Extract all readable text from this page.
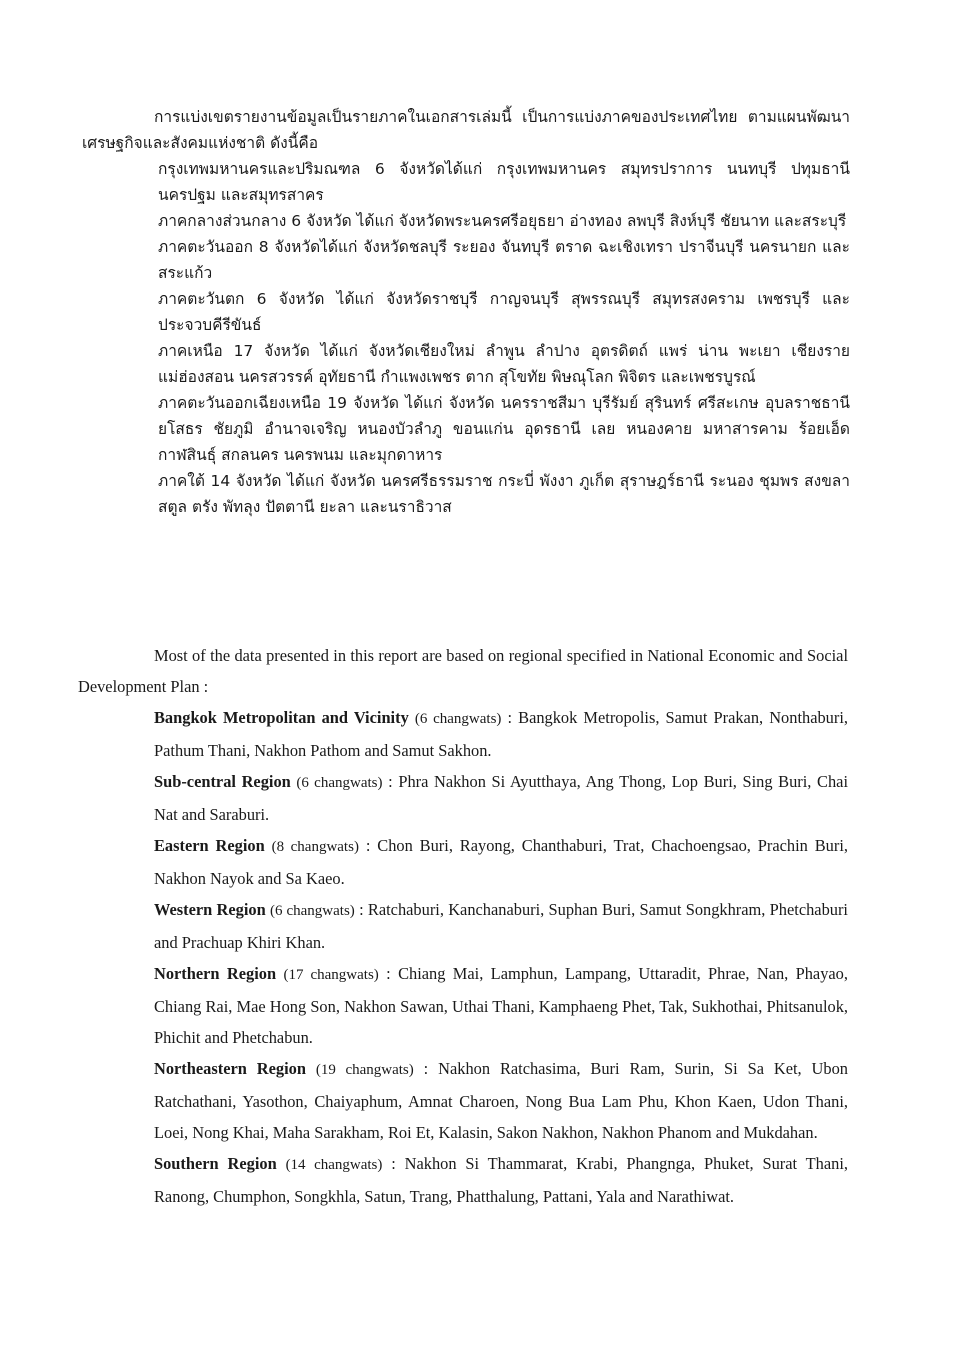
การแบ่งเขตรายงานข้อมูลเป็นรายภาคในเอกสารเล่มนี้ เป็นการแบ่งภาคของประเทศไทย ตามแผนพัฒนาเศรษฐกิจและสังคมแห่งชาติ ดังนี้คือ

กรุงเทพมหานครและปริมณฑล 6 จังหวัดได้แก่ กรุงเทพมหานคร สมุทรปราการ นนทบุรี ปทุมธานี นครปฐม และสมุทรสาคร

ภาคกลางส่วนกลาง 6 จังหวัด ได้แก่ จังหวัดพระนครศรีอยุธยา อ่างทอง ลพบุรี สิงห์บุรี ชัยนาท และสระบุรี

ภาคตะวันออก 8 จังหวัดได้แก่ จังหวัดชลบุรี ระยอง จันทบุรี ตราด ฉะเชิงเทรา ปราจีนบุรี นครนายก และสระแก้ว

ภาคตะวันตก 6 จังหวัด ได้แก่ จังหวัดราชบุรี กาญจนบุรี สุพรรณบุรี สมุทรสงคราม เพชรบุรี และประจวบคีรีขันธ์

ภาคเหนือ 17 จังหวัด ได้แก่ จังหวัดเชียงใหม่ ลำพูน ลำปาง อุตรดิตถ์ แพร่ น่าน พะเยา เชียงราย แม่ฮ่องสอน นครสวรรค์ อุทัยธานี กำแพงเพชร ตาก สุโขทัย พิษณุโลก พิจิตร และเพชรบูรณ์

ภาคตะวันออกเฉียงเหนือ 19 จังหวัด ได้แก่ จังหวัด นครราชสีมา บุรีรัมย์ สุรินทร์ ศรีสะเกษ อุบลราชธานี ยโสธร ชัยภูมิ อำนาจเจริญ หนองบัวลำภู ขอนแก่น อุดรธานี เลย หนองคาย มหาสารคาม ร้อยเอ็ด กาฬสินธุ์ สกลนคร นครพนม และมุกดาหาร

ภาคใต้ 14 จังหวัด ได้แก่ จังหวัด นครศรีธรรมราช กระบี่ พังงา ภูเก็ต สุราษฎร์ธานี ระนอง ชุมพร สงขลา สตูล ตรัง พัทลุง ปัตตานี ยะลา และนราธิวาส

Most of the data presented in this report are based on regional specified in National Economic and Social Development Plan :

Bangkok Metropolitan and Vicinity (6 changwats) : Bangkok Metropolis, Samut Prakan, Nonthaburi, Pathum Thani, Nakhon Pathom and Samut Sakhon.

Sub-central Region (6 changwats) : Phra Nakhon Si Ayutthaya, Ang Thong, Lop Buri, Sing Buri, Chai Nat and Saraburi.

Eastern Region (8 changwats) : Chon Buri, Rayong, Chanthaburi, Trat, Chachoengsao, Prachin Buri, Nakhon Nayok and Sa Kaeo.

Western Region (6 changwats) : Ratchaburi, Kanchanaburi, Suphan Buri, Samut Songkhram, Phetchaburi and Prachuap Khiri Khan.

Northern Region (17 changwats) : Chiang Mai, Lamphun, Lampang, Uttaradit, Phrae, Nan, Phayao, Chiang Rai, Mae Hong Son, Nakhon Sawan, Uthai Thani, Kamphaeng Phet, Tak, Sukhothai, Phitsanulok, Phichit and Phetchabun.

Northeastern Region (19 changwats) : Nakhon Ratchasima, Buri Ram, Surin, Si Sa Ket, Ubon Ratchathani, Yasothon, Chaiyaphum, Amnat Charoen, Nong Bua Lam Phu, Khon Kaen, Udon Thani, Loei, Nong Khai, Maha Sarakham, Roi Et, Kalasin, Sakon Nakhon, Nakhon Phanom and Mukdahan.

Southern Region (14 changwats) : Nakhon Si Thammarat, Krabi, Phangnga, Phuket, Surat Thani, Ranong, Chumphon, Songkhla, Satun, Trang, Phatthalung, Pattani, Yala and Narathiwat.
